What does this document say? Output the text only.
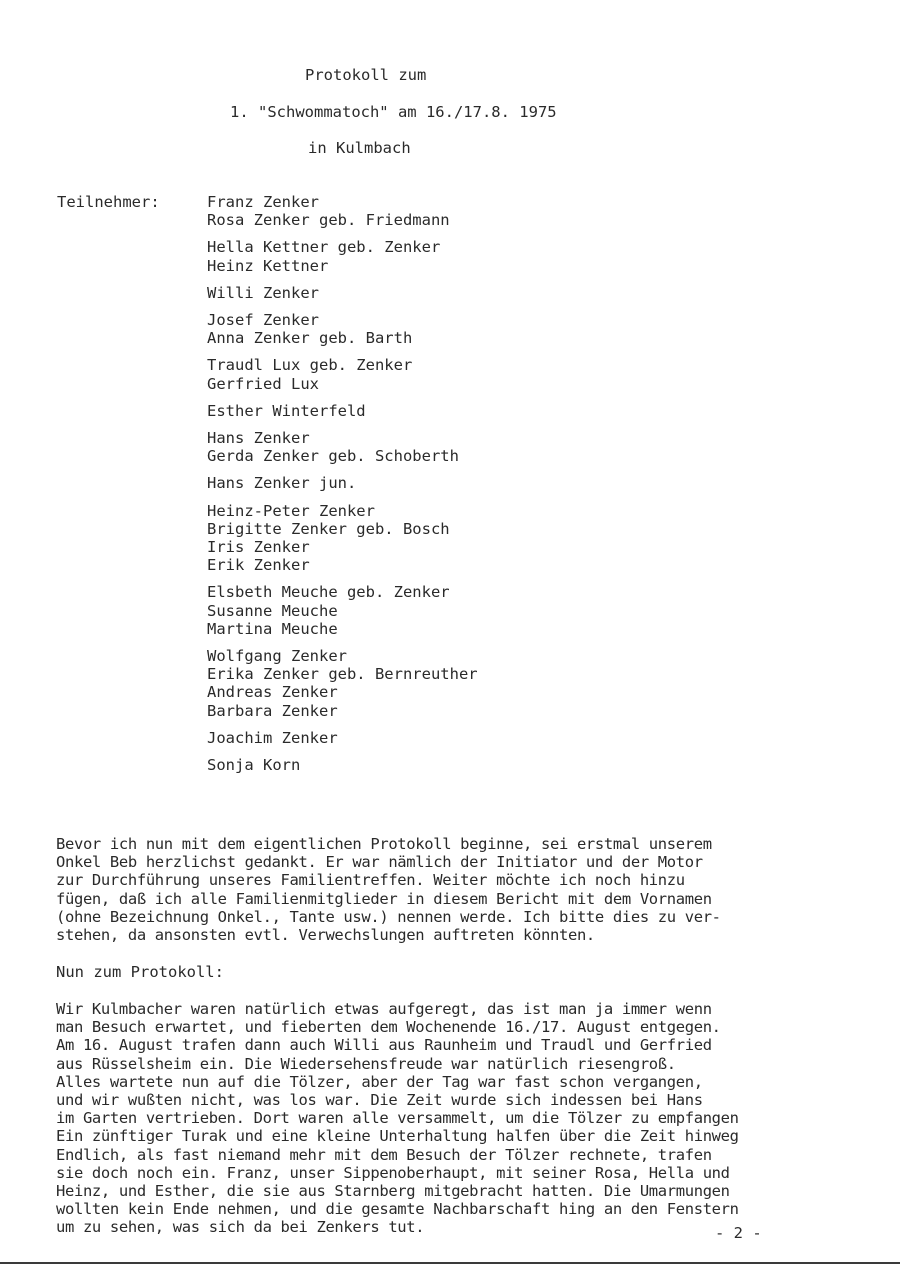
Protokoll zum
1. "Schwommatoch" am 16./17.8. 1975
in Kulmbach
Teilnehmer:	Franz Zenker
Rosa Zenker geb. Friedmann
Hella Kettner geb. Zenker
Heinz Kettner
Willi Zenker
Josef Zenker
Anna Zenker geb. Barth
Traudl Lux geb. Zenker
Gerfried Lux
Esther Winterfeld
Hans Zenker
Gerda Zenker geb. Schoberth
Hans Zenker jun.
Heinz-Peter Zenker
Brigitte Zenker geb. Bosch
Iris Zenker
Erik Zenker
Elsbeth Meuche geb. Zenker
Susanne Meuche
Martina Meuche
Wolfgang Zenker
Erika Zenker geb. Bernreuther
Andreas Zenker
Barbara Zenker
Joachim Zenker
Sonja Korn
Bevor ich nun mit dem eigentlichen Protokoll beginne, sei erstmal unserem
Onkel Beb herzlichst gedankt. Er war nämlich der Initiator und der Motor
zur Durchführung unseres Familientreffen. Weiter möchte ich noch hinzu
fügen, daß ich alle Familienmitglieder in diesem Bericht mit dem Vornamen
(ohne Bezeichnung Onkel., Tante usw.) nennen werde. Ich bitte dies zu ver-
stehen, da ansonsten evtl. Verwechslungen auftreten könnten.
Nun zum Protokoll:
Wir Kulmbacher waren natürlich etwas aufgeregt, das ist man ja immer wenn
man Besuch erwartet, und fieberten dem Wochenende 16./17. August entgegen.
Am 16. August trafen dann auch Willi aus Raunheim und Traudl und Gerfried
aus Rüsselsheim ein. Die Wiedersehensfreude war natürlich riesengroß.
Alles wartete nun auf die Tölzer, aber der Tag war fast schon vergangen,
und wir wußten nicht, was los war. Die Zeit wurde sich indessen bei Hans
im Garten vertrieben. Dort waren alle versammelt, um die Tölzer zu empfangen
Ein zünftiger Turak und eine kleine Unterhaltung halfen über die Zeit hinweg
Endlich, als fast niemand mehr mit dem Besuch der Tölzer rechnete, trafen
sie doch noch ein. Franz, unser Sippenoberhaupt, mit seiner Rosa, Hella und
Heinz, und Esther, die sie aus Starnberg mitgebracht hatten. Die Umarmungen
wollten kein Ende nehmen, und die gesamte Nachbarschaft hing an den Fenstern
um zu sehen, was sich da bei Zenkers tut.	- 2 -
